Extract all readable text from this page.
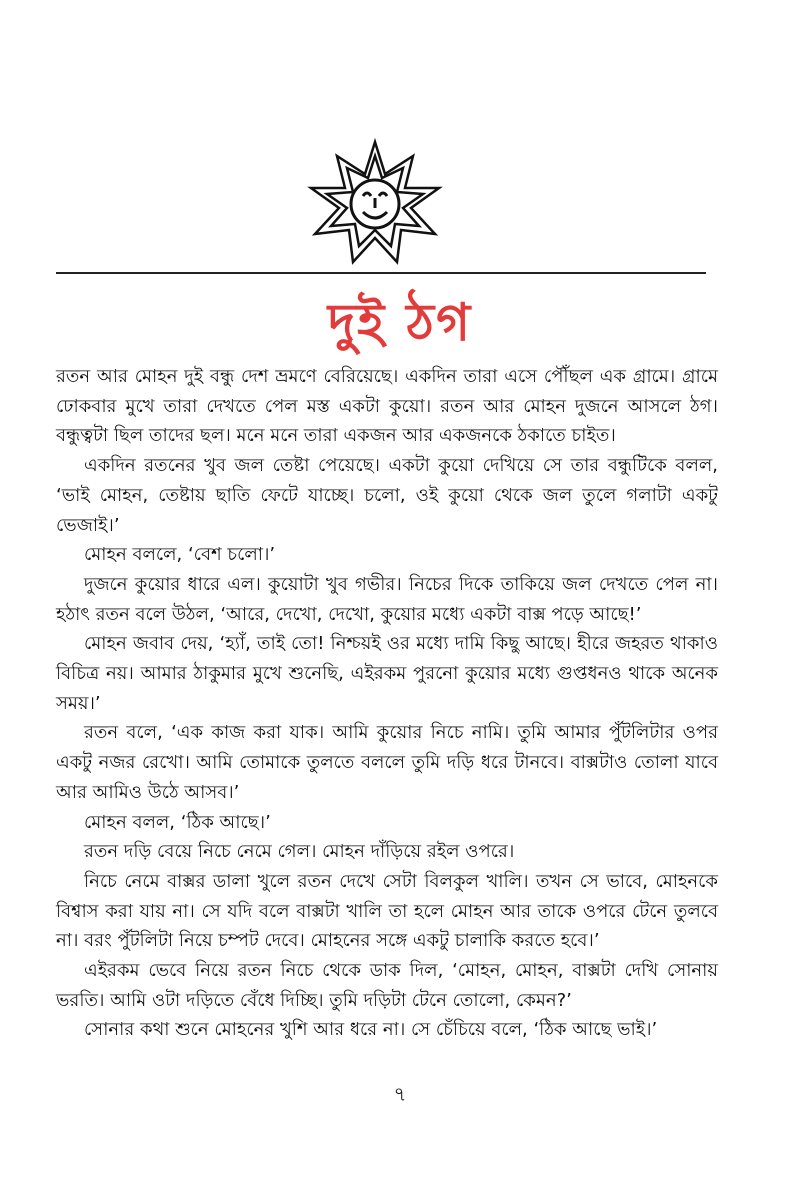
দুই ঠগ

রতন আর মোহন দুই বন্ধু দেশ ভ্রমণে বেরিয়েছে। একদিন তারা এসে পৌঁছল এক গ্রামে। গ্রামে ঢোকবার মুখে তারা দেখতে পেল মস্ত একটা কুয়ো। রতন আর মোহন দুজনে আসলে ঠগ। বন্ধুত্বটা ছিল তাদের ছল। মনে মনে তারা একজন আর একজনকে ঠকাতে চাইত।

একদিন রতনের খুব জল তেষ্টা পেয়েছে। একটা কুয়ো দেখিয়ে সে তার বন্ধুটিকে বলল, ‘ভাই মোহন, তেষ্টায় ছাতি ফেটে যাচ্ছে। চলো, ওই কুয়ো থেকে জল তুলে গলাটা একটু ভেজাই।’

মোহন বললে, ‘বেশ চলো।’

দুজনে কুয়োর ধারে এল। কুয়োটা খুব গভীর। নিচের দিকে তাকিয়ে জল দেখতে পেল না। হঠাৎ রতন বলে উঠল, ‘আরে, দেখো, দেখো, কুয়োর মধ্যে একটা বাক্স পড়ে আছে!’

মোহন জবাব দেয়, ‘হ্যাঁ, তাই তো! নিশ্চয়ই ওর মধ্যে দামি কিছু আছে। হীরে জহরত থাকাও বিচিত্র নয়। আমার ঠাকুমার মুখে শুনেছি, এইরকম পুরনো কুয়োর মধ্যে গুপ্তধনও থাকে অনেক সময়।’

রতন বলে, ‘এক কাজ করা যাক। আমি কুয়োর নিচে নামি। তুমি আমার পুঁটলিটার ওপর একটু নজর রেখো। আমি তোমাকে তুলতে বললে তুমি দড়ি ধরে টানবে। বাক্সটাও তোলা যাবে আর আমিও উঠে আসব।’

মোহন বলল, ‘ঠিক আছে।’

রতন দড়ি বেয়ে নিচে নেমে গেল। মোহন দাঁড়িয়ে রইল ওপরে।

নিচে নেমে বাক্সর ডালা খুলে রতন দেখে সেটা বিলকুল খালি। তখন সে ভাবে, মোহনকে বিশ্বাস করা যায় না। সে যদি বলে বাক্সটা খালি তা হলে মোহন আর তাকে ওপরে টেনে তুলবে না। বরং পুঁটলিটা নিয়ে চম্পট দেবে। মোহনের সঙ্গে একটু চালাকি করতে হবে।’

এইরকম ভেবে নিয়ে রতন নিচে থেকে ডাক দিল, ‘মোহন, মোহন, বাক্সটা দেখি সোনায় ভরতি। আমি ওটা দড়িতে বেঁধে দিচ্ছি। তুমি দড়িটা টেনে তোলো, কেমন?’

সোনার কথা শুনে মোহনের খুশি আর ধরে না। সে চেঁচিয়ে বলে, ‘ঠিক আছে ভাই।’

৭
